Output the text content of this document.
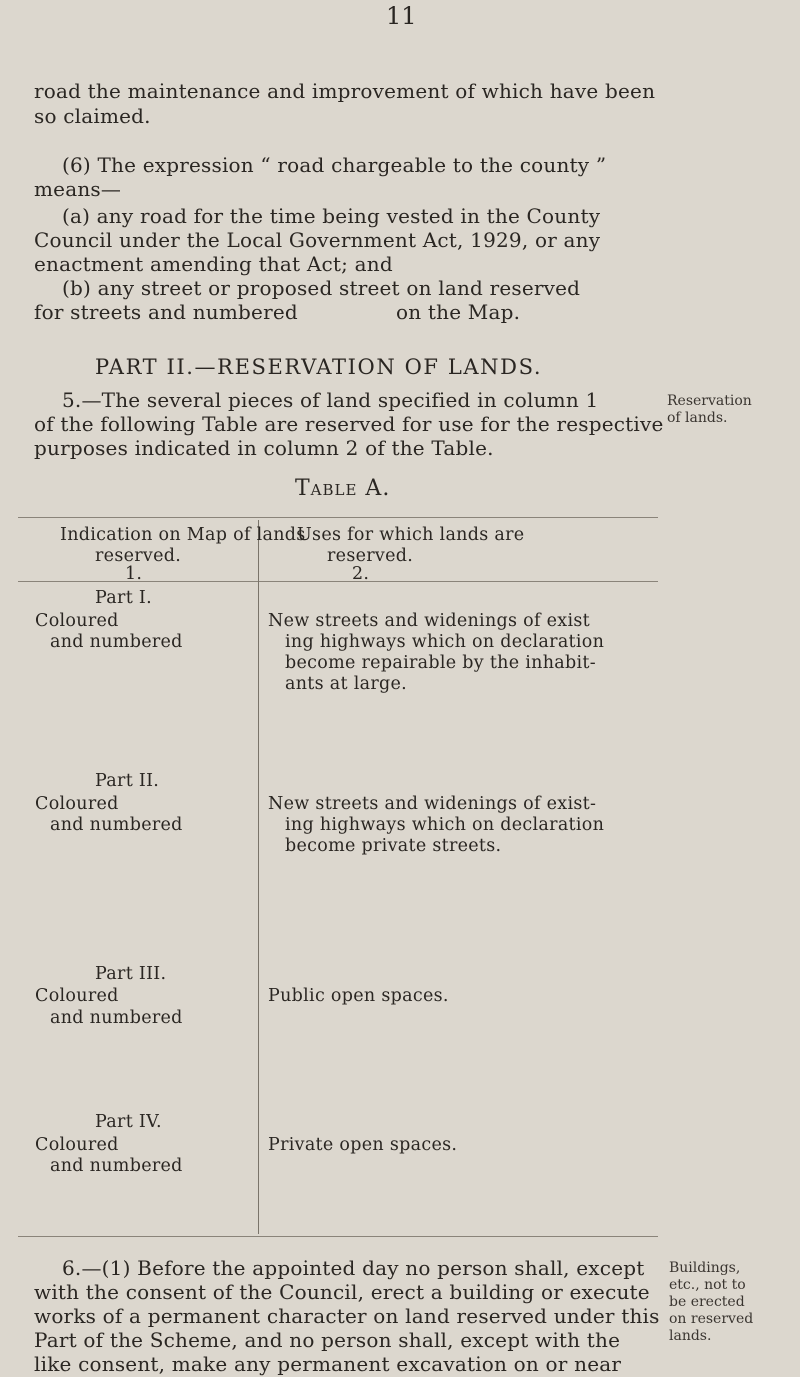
11
road the maintenance and improvement of which have been
so claimed.
(6) The expression “ road chargeable to the county ”
means—
(a) any road for the time being vested in the County
Council under the Local Government Act, 1929, or any
enactment amending that Act; and
(b) any street or proposed street on land reserved
for streets and numbered	on the Map.
PART II.—RESERVATION OF LANDS.
5.—The several pieces of land specified in column 1
of the following Table are reserved for use for the respective
purposes indicated in column 2 of the Table.
Reservation
of lands.
Table A.
Indication on Map of lands
reserved.
1.
Uses for which lands are
reserved.
2.
Part I.
Coloured
and numbered
New streets and widenings of exist
ing highways which on declaration
become repairable by the inhabit-
ants at large.
Part II.
Coloured
and numbered
New streets and widenings of exist-
ing highways which on declaration
become private streets.
Part III.
Coloured
and numbered
Public open spaces.
Part IV.
Coloured
and numbered
Private open spaces.
6.—(1) Before the appointed day no person shall, except
with the consent of the Council, erect a building or execute
works of a permanent character on land reserved under this
Part of the Scheme, and no person shall, except with the
like consent, make any permanent excavation on or near
Buildings,
etc., not to
be erected
on reserved
lands.
